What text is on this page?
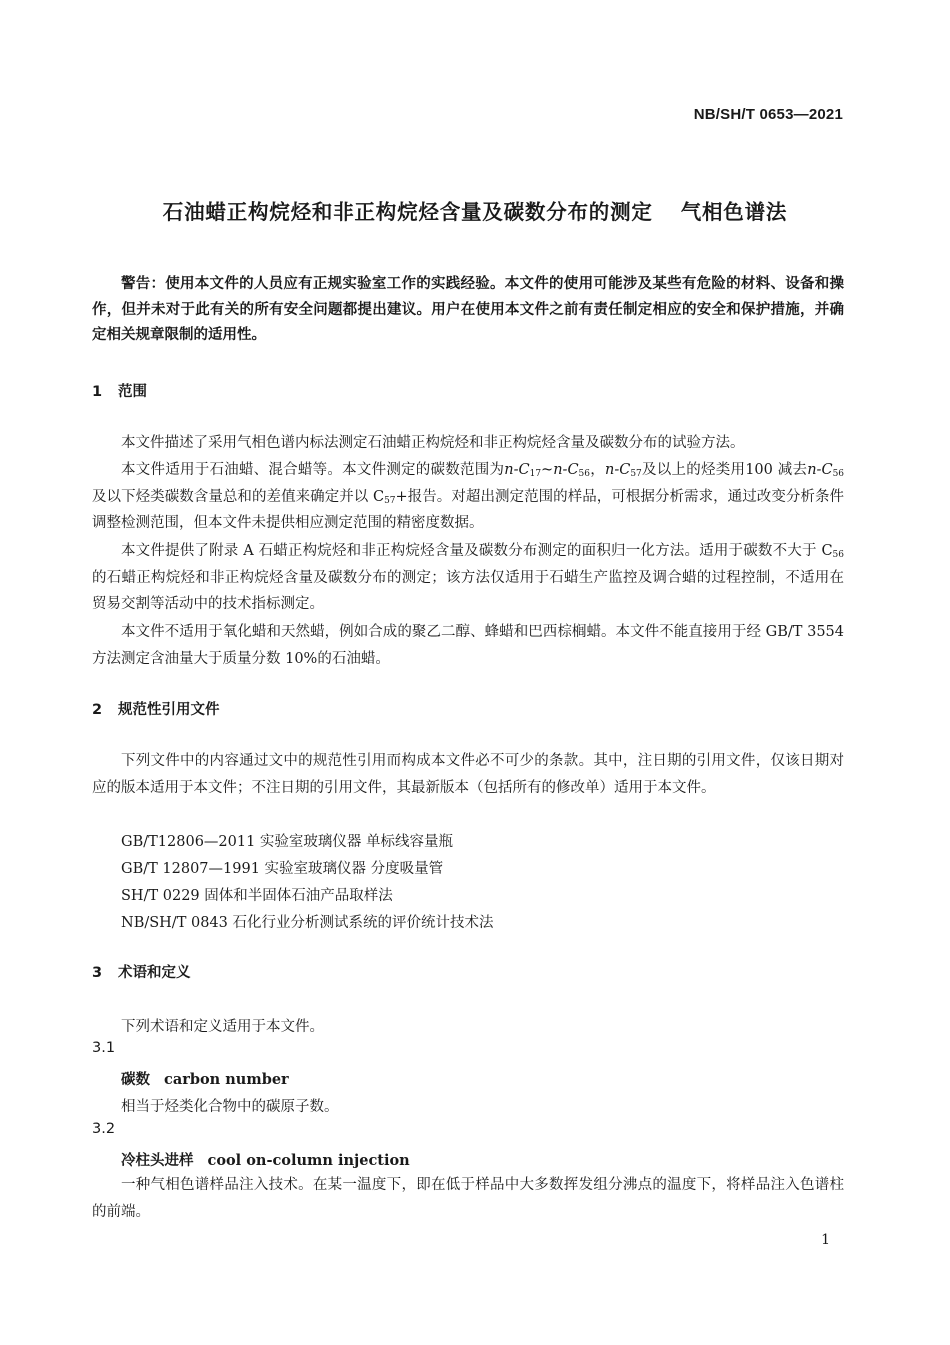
NB/SH/T 0653—2021
石油蜡正构烷烃和非正构烷烃含量及碳数分布的测定 气相色谱法
警告：使用本文件的人员应有正规实验室工作的实践经验。本文件的使用可能涉及某些有危险的材料、设备和操作，但并未对于此有关的所有安全问题都提出建议。用户在使用本文件之前有责任制定相应的安全和保护措施，并确定相关规章限制的适用性。
1 范围
本文件描述了采用气相色谱内标法测定石油蜡正构烷烃和非正构烷烃含量及碳数分布的试验方法。
本文件适用于石油蜡、混合蜡等。本文件测定的碳数范围为$n-C_{17}\sim n-C_{56}$，$n-C_{57}$及以上的烃类用100 减去$n-C_{56}$及以下烃类碳数含量总和的差值来确定并以 $C_{57}+$报告。对超出测定范围的样品，可根据分析需求，通过改变分析条件调整检测范围，但本文件未提供相应测定范围的精密度数据。
本文件提供了附录 A 石蜡正构烷烃和非正构烷烃含量及碳数分布测定的面积归一化方法。适用于碳数不大于 $C_{56}$的石蜡正构烷烃和非正构烷烃含量及碳数分布的测定；该方法仅适用于石蜡生产监控及调合蜡的过程控制，不适用在贸易交割等活动中的技术指标测定。
本文件不适用于氧化蜡和天然蜡，例如合成的聚乙二醇、蜂蜡和巴西棕榈蜡。本文件不能直接用于经 GB/T 3554 方法测定含油量大于质量分数 10%的石油蜡。
2 规范性引用文件
下列文件中的内容通过文中的规范性引用而构成本文件必不可少的条款。其中，注日期的引用文件，仅该日期对应的版本适用于本文件；不注日期的引用文件，其最新版本（包括所有的修改单）适用于本文件。
GB/T12806—2011 实验室玻璃仪器 单标线容量瓶
GB/T 12807—1991 实验室玻璃仪器 分度吸量管
SH/T 0229 固体和半固体石油产品取样法
NB/SH/T 0843 石化行业分析测试系统的评价统计技术法
3 术语和定义
下列术语和定义适用于本文件。
3.1
碳数 carbon number
相当于烃类化合物中的碳原子数。
3.2
冷柱头进样 cool on-column injection
一种气相色谱样品注入技术。在某一温度下，即在低于样品中大多数挥发组分沸点的温度下，将样品注入色谱柱的前端。
1
